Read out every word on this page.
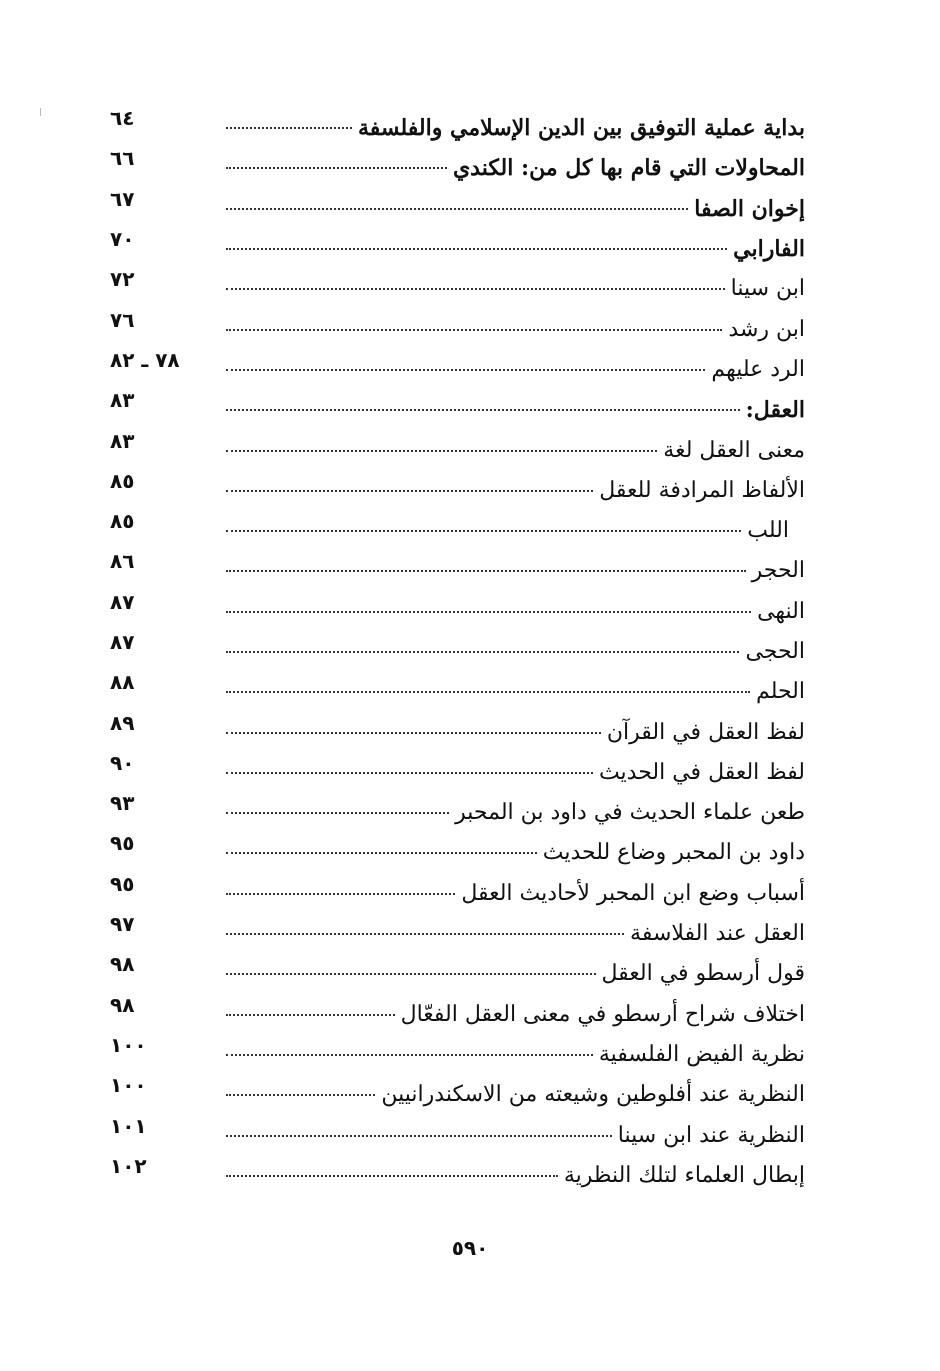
بداية عملية التوفيق بين الدين الإسلامي والفلسفة
٦٤
المحاولات التي قام بها كل من: الكندي
٦٦
إخوان الصفا
٦٧
الفارابي
٧٠
ابن سينا
٧٢
ابن رشد
٧٦
الرد عليهم
٧٨ ـ ٨٢
العقل:
٨٣
معنى العقل لغة
٨٣
الألفاظ المرادفة للعقل
٨٥
اللب
٨٥
الحجر
٨٦
النهى
٨٧
الحجى
٨٧
الحلم
٨٨
لفظ العقل في القرآن
٨٩
لفظ العقل في الحديث
٩٠
طعن علماء الحديث في داود بن المحبر
٩٣
داود بن المحبر وضاع للحديث
٩٥
أسباب وضع ابن المحبر لأحاديث العقل
٩٥
العقل عند الفلاسفة
٩٧
قول أرسطو في العقل
٩٨
اختلاف شراح أرسطو في معنى العقل الفعّال
٩٨
نظرية الفيض الفلسفية
١٠٠
النظرية عند أفلوطين وشيعته من الاسكندرانيين
١٠٠
النظرية عند ابن سينا
١٠١
إبطال العلماء لتلك النظرية
١٠٢
٥٩٠
